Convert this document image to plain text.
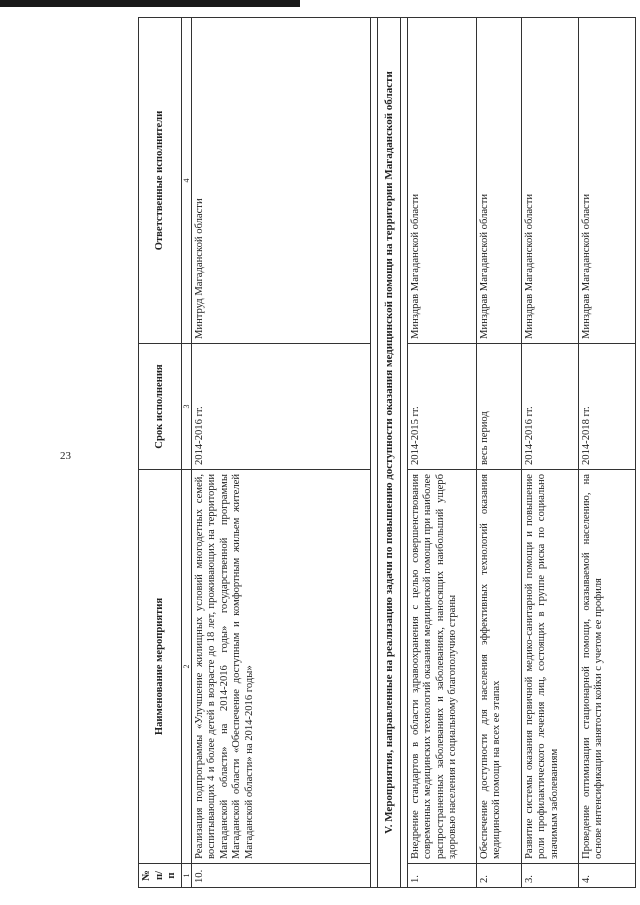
23
№ п/п	Наименование мероприятия	Срок исполнения	Ответственные исполнители
1	2	3	4
10.	Реализация подпрограммы «Улучшение жилищных условий многодетных семей, воспитывающих 4 и более детей в возрасте до 18 лет, проживающих на территории Магаданской области» на 2014-2016 годы» государственной программы Магаданской области «Обеспечение доступным и комфортным жильем жителей Магаданской области» на 2014-2016 годы»	2014-2016 гг.	Минтруд Магаданской области

V. Мероприятия, направленные на реализацию задачи по повышению доступности оказания медицинской помощи на территории Магаданской области			

1.	Внедрение стандартов в области здравоохранения с целью совершенствования современных медицинских технологий оказания медицинской помощи при наиболее распространенных заболеваниях и заболеваниях, наносящих наибольший ущерб здоровью населения и социальному благополучию страны	2014-2015 гг.	Минздрав Магаданской области
2.	Обеспечение доступности для населения эффективных технологий оказания медицинской помощи на всех ее этапах	весь период	Минздрав Магаданской области
3.	Развитие системы оказания первичной медико-санитарной помощи и повышение роли профилактического лечения лиц, состоящих в группе риска по социально значимым заболеваниям	2014-2016 гг.	Минздрав Магаданской области
4.	Проведение оптимизации стационарной помощи, оказываемой населению, на основе интенсификации занятости койки с учетом ее профиля	2014-2018 гг.	Минздрав Магаданской области
